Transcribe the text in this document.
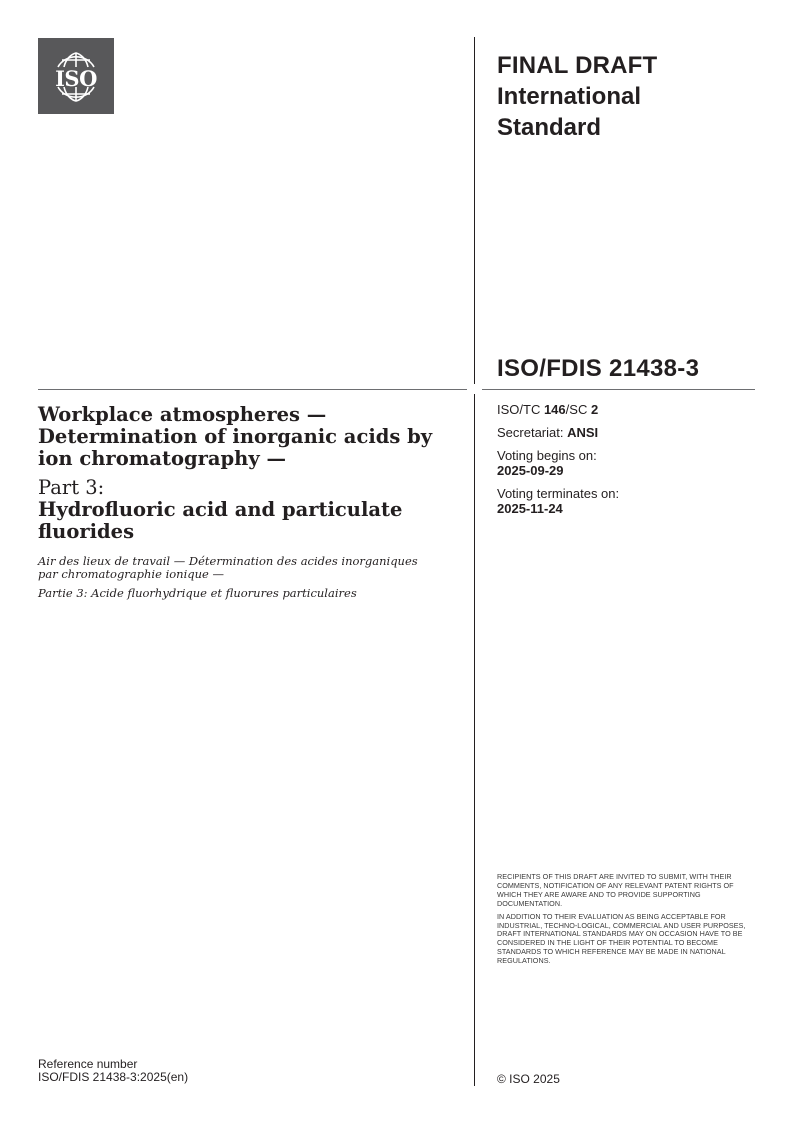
ISO	FINAL DRAFT
International
Standard
ISO/FDIS 21438-3
ISO/TC 146/SC 2
Secretariat: ANSI
Voting begins on:
2025-09-29
Voting terminates on:
2025-11-24
Workplace atmospheres —
Determination of inorganic acids by
ion chromatography —
Part 3:
Hydrofluoric acid and particulate
fluorides
Air des lieux de travail — Détermination des acides inorganiques
par chromatographie ionique —
Partie 3: Acide fluorhydrique et fluorures particulaires

RECIPIENTS OF THIS DRAFT ARE INVITED TO SUBMIT, WITH THEIR COMMENTS, NOTIFICATION OF ANY RELEVANT PATENT RIGHTS OF WHICH THEY ARE AWARE AND TO PROVIDE SUPPORTING DOCUMENTATION.

IN ADDITION TO THEIR EVALUATION AS BEING ACCEPTABLE FOR INDUSTRIAL, TECHNO-LOGICAL, COMMERCIAL AND USER PURPOSES, DRAFT INTERNATIONAL STANDARDS MAY ON OCCASION HAVE TO BE CONSIDERED IN THE LIGHT OF THEIR POTENTIAL TO BECOME STANDARDS TO WHICH REFERENCE MAY BE MADE IN NATIONAL REGULATIONS.

Reference number
ISO/FDIS 21438-3:2025(en)	© ISO 2025
